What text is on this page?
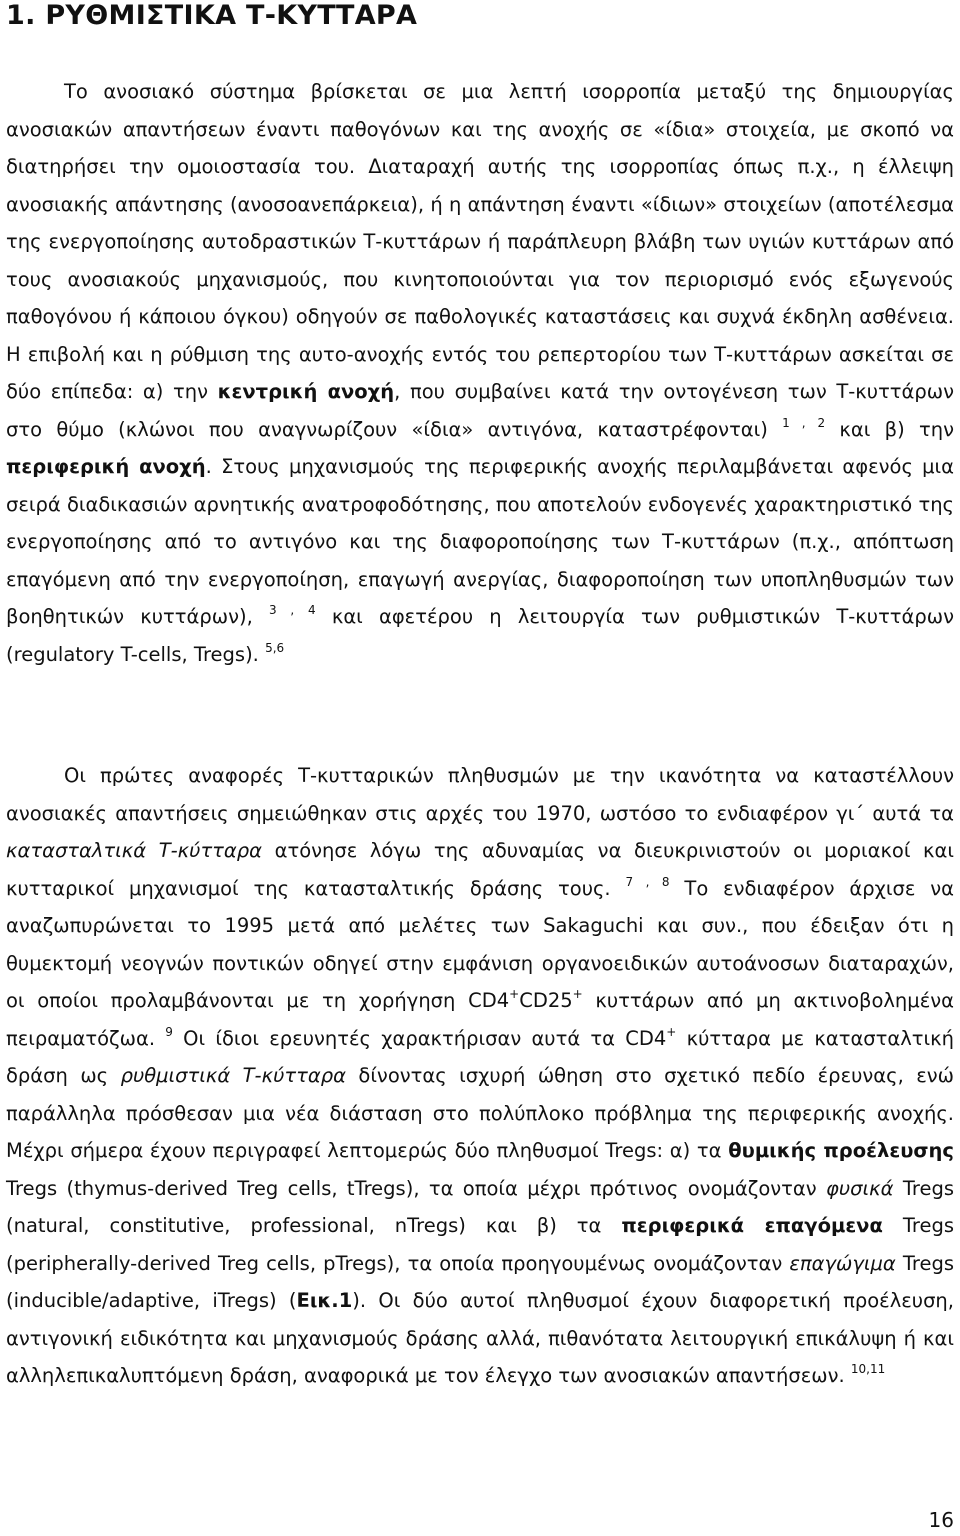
1. ΡΥΘΜΙΣΤΙΚΑ Τ-ΚΥΤΤΑΡΑ

Το ανοσιακό σύστημα βρίσκεται σε μια λεπτή ισορροπία μεταξύ της δημιουργίας ανοσιακών απαντήσεων έναντι παθογόνων και της ανοχής σε «ίδια» στοιχεία, με σκοπό να διατηρήσει την ομοιοστασία του. Διαταραχή αυτής της ισορροπίας όπως π.χ., η έλλειψη ανοσιακής απάντησης (ανοσοανεπάρκεια), ή η απάντηση έναντι «ίδιων» στοιχείων (αποτέλεσμα της ενεργοποίησης αυτοδραστικών Τ-κυττάρων ή παράπλευρη βλάβη των υγιών κυττάρων από τους ανοσιακούς μηχανισμούς, που κινητοποιούνται για τον περιορισμό ενός εξωγενούς παθογόνου ή κάποιου όγκου) οδηγούν σε παθολογικές καταστάσεις και συχνά έκδηλη ασθένεια. Η επιβολή και η ρύθμιση της αυτο-ανοχής εντός του ρεπερτορίου των Τ-κυττάρων ασκείται σε δύο επίπεδα: α) την κεντρική ανοχή, που συμβαίνει κατά την οντογένεση των Τ-κυττάρων στο θύμο (κλώνοι που αναγνωρίζουν «ίδια» αντιγόνα, καταστρέφονται) $^{1 , 2}$ και β) την περιφερική ανοχή. Στους μηχανισμούς της περιφερικής ανοχής περιλαμβάνεται αφενός μια σειρά διαδικασιών αρνητικής ανατροφοδότησης, που αποτελούν ενδογενές χαρακτηριστικό της ενεργοποίησης από το αντιγόνο και της διαφοροποίησης των Τ-κυττάρων (π.χ., απόπτωση επαγόμενη από την ενεργοποίηση, επαγωγή ανεργίας, διαφοροποίηση των υποπληθυσμών των βοηθητικών κυττάρων), $^{3 , 4}$ και αφετέρου η λειτουργία των ρυθμιστικών Τ-κυττάρων (regulatory T-cells, Tregs). $^{5,6}$

Οι πρώτες αναφορές Τ-κυτταρικών πληθυσμών με την ικανότητα να καταστέλλουν ανοσιακές απαντήσεις σημειώθηκαν στις αρχές του 1970, ωστόσο το ενδιαφέρον γι΄ αυτά τα κατασταλτικά Τ-κύτταρα ατόνησε λόγω της αδυναμίας να διευκρινιστούν οι μοριακοί και κυτταρικοί μηχανισμοί της κατασταλτικής δράσης τους. $^{7 , 8}$ Το ενδιαφέρον άρχισε να αναζωπυρώνεται το 1995 μετά από μελέτες των Sakaguchi και συν., που έδειξαν ότι η θυμεκτομή νεογνών ποντικών οδηγεί στην εμφάνιση οργανοειδικών αυτοάνοσων διαταραχών, οι οποίοι προλαμβάνονται με τη χορήγηση CD4+CD25+ κυττάρων από μη ακτινοβολημένα πειραματόζωα. $^9$ Οι ίδιοι ερευνητές χαρακτήρισαν αυτά τα CD4+ κύτταρα με κατασταλτική δράση ως ρυθμιστικά Τ-κύτταρα δίνοντας ισχυρή ώθηση στο σχετικό πεδίο έρευνας, ενώ παράλληλα πρόσθεσαν μια νέα διάσταση στο πολύπλοκο πρόβλημα της περιφερικής ανοχής. Μέχρι σήμερα έχουν περιγραφεί λεπτομερώς δύο πληθυσμοί Tregs: α) τα θυμικής προέλευσης Tregs (thymus-derived Treg cells, tTregs), τα οποία μέχρι πρότινος ονομάζονταν φυσικά Tregs (natural, constitutive, professional, nTregs) και β) τα περιφερικά επαγόμενα Tregs (peripherally-derived Treg cells, pTregs), τα οποία προηγουμένως ονομάζονταν επαγώγιμα Tregs (inducible/adaptive, iTregs) (Εικ.1). Οι δύο αυτοί πληθυσμοί έχουν διαφορετική προέλευση, αντιγονική ειδικότητα και μηχανισμούς δράσης αλλά, πιθανότατα λειτουργική επικάλυψη ή και αλληλεπικαλυπτόμενη δράση, αναφορικά με τον έλεγχο των ανοσιακών απαντήσεων. $^{10,11}$

16
